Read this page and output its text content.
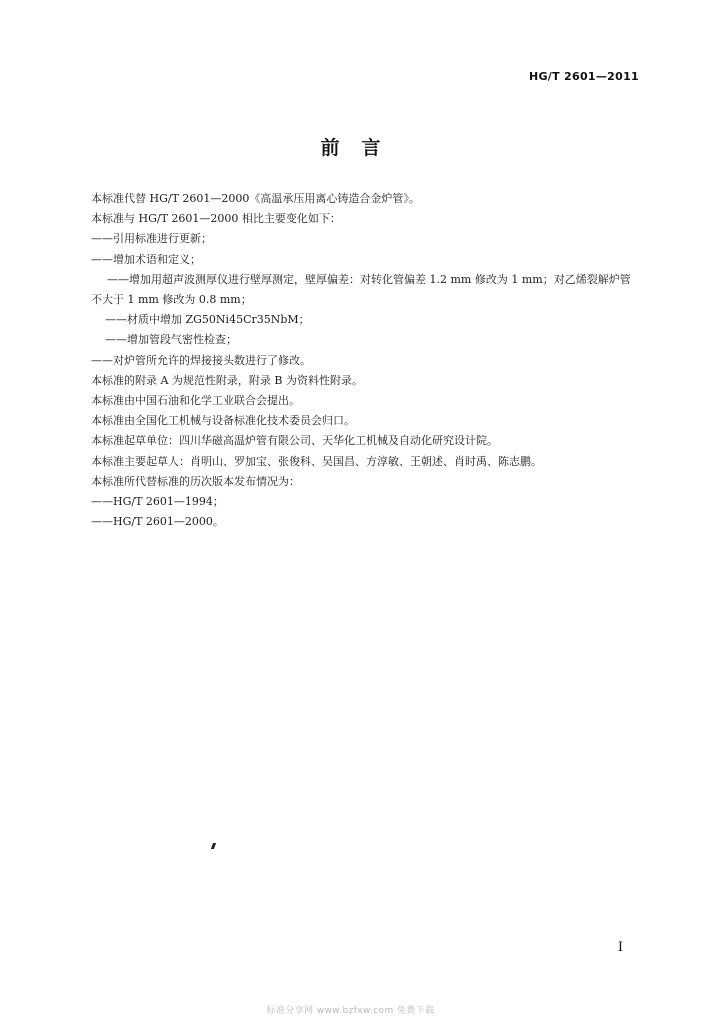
HG/T 2601—2011
前言

本标准代替 HG/T 2601—2000《高温承压用离心铸造合金炉管》。

本标准与 HG/T 2601—2000 相比主要变化如下：

——引用标准进行更新；

——增加术语和定义；

——增加用超声波测厚仪进行壁厚测定，壁厚偏差：对转化管偏差 1.2 mm 修改为 1 mm；对乙烯裂解炉管不大于 1 mm 修改为 0.8 mm；

——材质中增加 ZG50Ni45Cr35NbM；

——增加管段气密性检查；

——对炉管所允许的焊接接头数进行了修改。

本标准的附录 A 为规范性附录，附录 B 为资料性附录。

本标准由中国石油和化学工业联合会提出。

本标准由全国化工机械与设备标准化技术委员会归口。

本标准起草单位：四川华磁高温炉管有限公司、天华化工机械及自动化研究设计院。

本标准主要起草人：肖明山、罗加宝、张俊科、吴国昌、方淳敏、王朝述、肖时禹、陈志鹏。

本标准所代替标准的历次版本发布情况为：

——HG/T 2601—1994；

——HG/T 2601—2000。

I
标准分享网 www.bzfxw.com 免费下载
